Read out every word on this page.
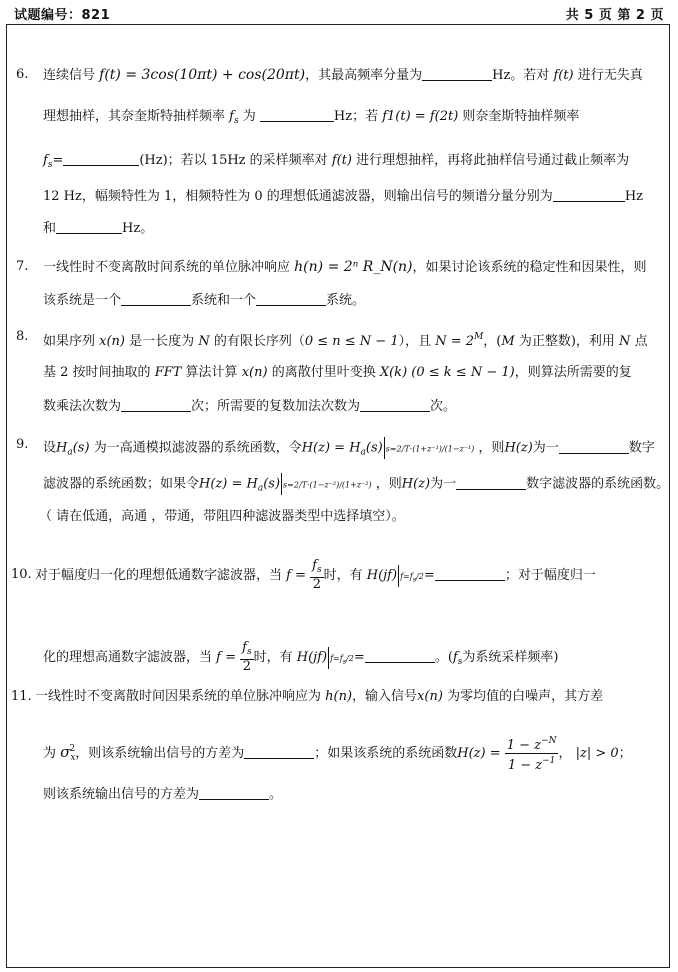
试题编号：821	共 5 页 第 2 页
6. 连续信号 f(t) = 3cos(10πt) + cos(20πt)，其最高频率分量为	Hz。若对 f(t) 进行无失真
理想抽样，其奈奎斯特抽样频率 $f_s$ 为	Hz；若 f1(t) = f(2t) 则奈奎斯特抽样频率
$f_s=$	(Hz)；若以 15Hz 的采样频率对 f(t) 进行理想抽样，再将此抽样信号通过截止频率为
12 Hz，幅频特性为 1，相频特性为 0 的理想低通滤波器，则输出信号的频谱分量分别为	Hz
和	Hz。
7. 一线性时不变离散时间系统的单位脉冲响应 h(n) = 2ⁿ R_N(n)，如果讨论该系统的稳定性和因果性，则
该系统是一个	系统和一个	系统。
8. 如果序列 x(n) 是一长度为 N 的有限长序列（0 ≤ n ≤ N − 1），且 $N = 2^M$，(M 为正整数)，利用 N 点
基 2 按时间抽取的 FFT 算法计算 x(n) 的离散付里叶变换 X(k) (0 ≤ k ≤ N − 1)，则算法所需要的复
数乘法次数为	次；所需要的复数加法次数为	次。
9. 设$H_a(s)$ 为一高通模拟滤波器的系统函数，令$H(z) = H_a(s)$ s=2/T·(1+z⁻¹)/(1−z⁻¹) ，则H(z)为一	数字
滤波器的系统函数；如果令$H(z) = H_a(s)$ s=2/T·(1−z⁻²)/(1+z⁻²) ，则H(z)为一	数字滤波器的系统函数。
（ 请在低通，高通 ，带通，带阻四种滤波器类型中选择填空）。
10. 对于幅度归一化的理想低通数字滤波器，当 $f = \frac{f_s}{2}$ 时，有 H(jf) $f=f_s/2=$	；对于幅度归一
化的理想高通数字滤波器，当 $f = \frac{f_s}{2}$ 时，有 H(jf) $f=f_s/2=$	。($f_s$为系统采样频率)
11. 一线性时不变离散时间因果系统的单位脉冲响应为 h(n)，输入信号x(n) 为零均值的白噪声，其方差
为 $\sigma_x^2$，则该系统输出信号的方差为	；如果该系统的系统函数$H(z) = \frac{1 - z^{-N}}{1 - z^{-1}}$ ， |z| > 0；
则该系统输出信号的方差为	。
